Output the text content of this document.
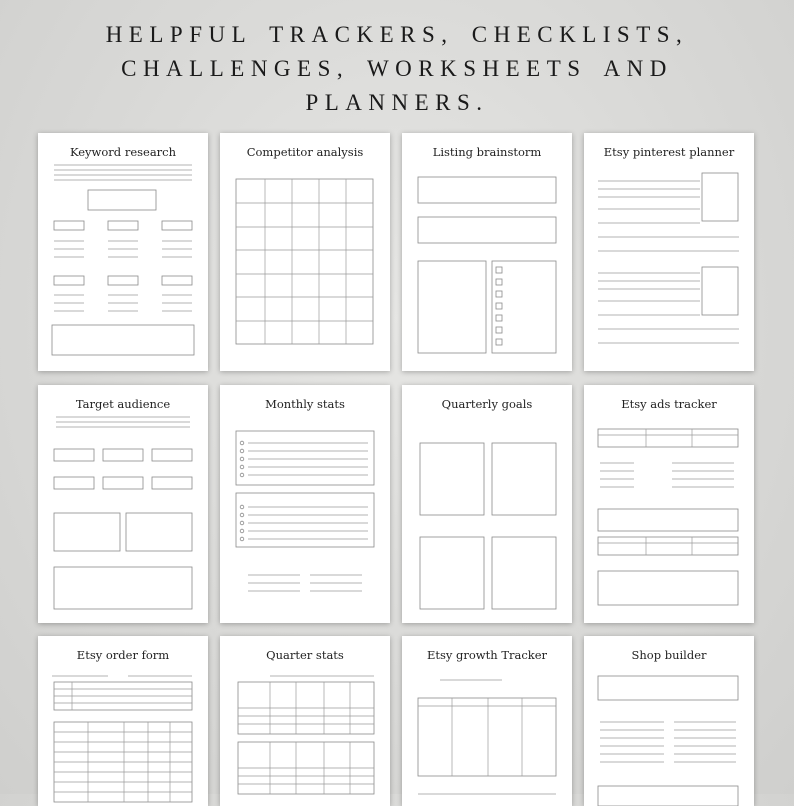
HELPFUL TRACKERS, CHECKLISTS,
CHALLENGES, WORKSHEETS AND
PLANNERS.
Keyword research	Competitor analysis	Listing brainstorm	Etsy pinterest planner
Target audience	Monthly stats	Quarterly goals	Etsy ads tracker
Etsy order form	Quarter stats	Etsy growth Tracker	Shop builder
